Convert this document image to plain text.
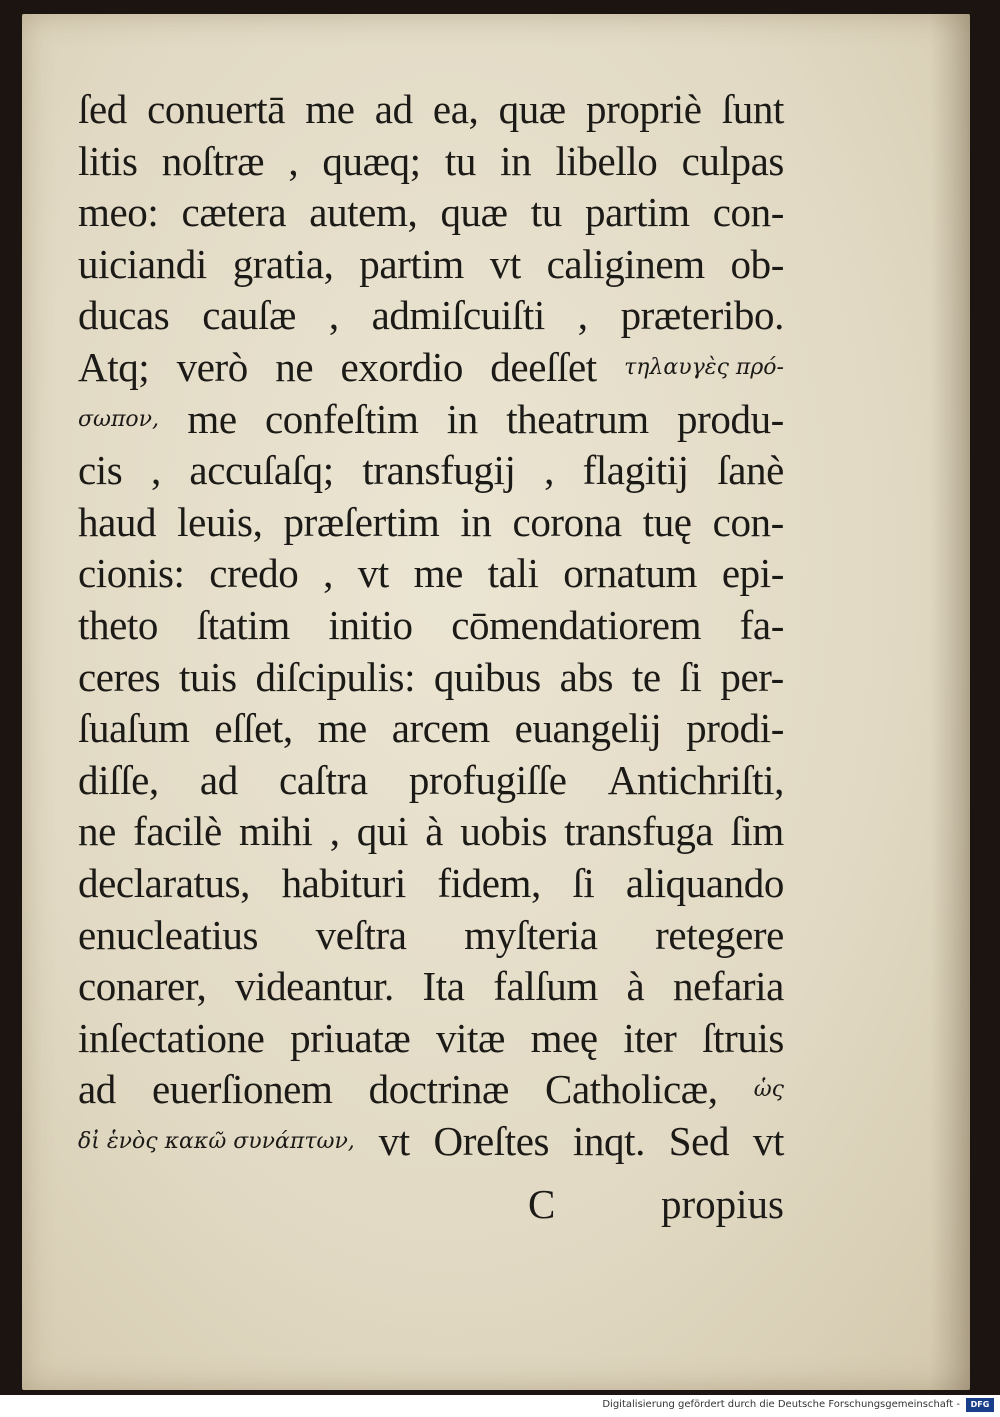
ſed conuertā me ad ea, quæ propriè ſunt
litis noſtræ , quæq; tu in libello culpas
meo: cætera autem, quæ tu partim con-
uiciandi gratia, partim vt caliginem ob-
ducas cauſæ , admiſcuiſti , præteribo.
Atq; verò ne exordio deeſſet τηλαυγὲς πρό-
σωπον, me confeſtim in theatrum produ-
cis , accuſaſq; transfugij , flagitij ſanè
haud leuis, præſertim in corona tuę con-
cionis: credo , vt me tali ornatum epi-
theto ſtatim initio cōmendatiorem fa-
ceres tuis diſcipulis: quibus abs te ſi per-
ſuaſum eſſet, me arcem euangelij prodi-
diſſe, ad caſtra profugiſſe Antichriſti,
ne facilè mihi , qui à uobis transfuga ſim
declaratus, habituri fidem, ſi aliquando
enucleatius veſtra myſteria retegere
conarer, videantur. Ita falſum à nefaria
inſectatione priuatæ vitæ meę iter ſtruis
ad euerſionem doctrinæ Catholicæ, ὡς
δἰ ἑνὸς κακῶ συνάπτων, vt Oreſtes inqt. Sed vt
C	propius
Digitalisierung gefördert durch die Deutsche Forschungsgemeinschaft -	DFG
